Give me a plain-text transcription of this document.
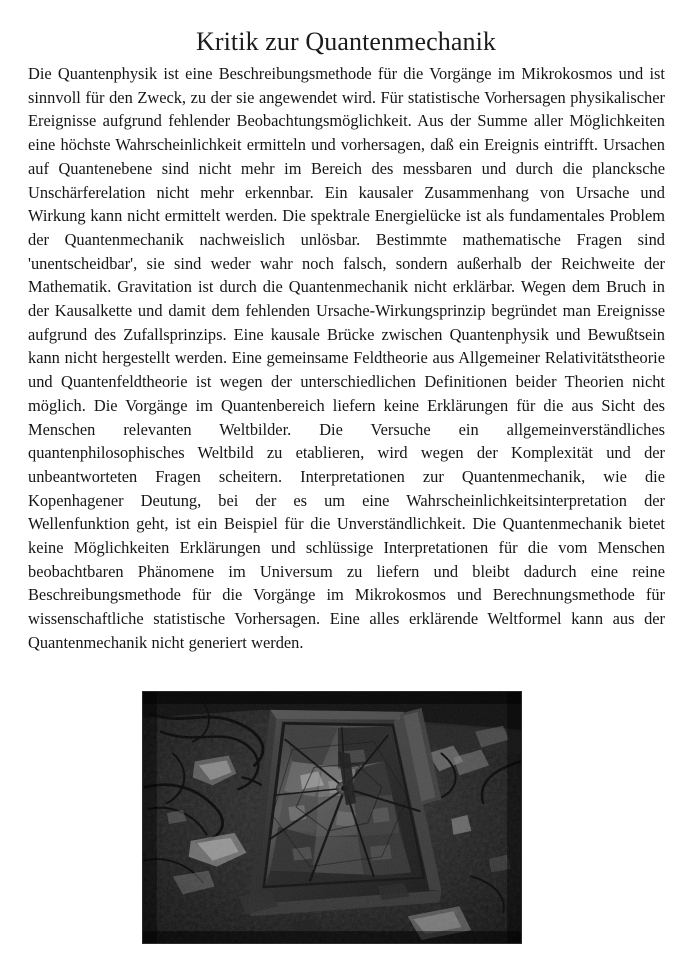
Kritik zur Quantenmechanik
Die Quantenphysik ist eine Beschreibungsmethode für die Vorgänge im Mikrokosmos und ist sinnvoll für den Zweck, zu der sie angewendet wird. Für statistische Vorhersagen physikalischer Ereignisse aufgrund fehlender Beobachtungsmöglichkeit. Aus der Summe aller Möglichkeiten eine höchste Wahrscheinlichkeit ermitteln und vorhersagen, daß ein Ereignis eintrifft. Ursachen auf Quantenebene sind nicht mehr im Bereich des messbaren und durch die plancksche Unschärferelation nicht mehr erkennbar. Ein kausaler Zusammenhang von Ursache und Wirkung kann nicht ermittelt werden. Die spektrale Energielücke ist als fundamentales Problem der Quantenmechanik nachweislich unlösbar. Bestimmte mathematische Fragen sind 'unentscheidbar', sie sind weder wahr noch falsch, sondern außerhalb der Reichweite der Mathematik. Gravitation ist durch die Quantenmechanik nicht erklärbar. Wegen dem Bruch in der Kausalkette und damit dem fehlenden Ursache-Wirkungsprinzip begründet man Ereignisse aufgrund des Zufallsprinzips. Eine kausale Brücke zwischen Quantenphysik und Bewußtsein kann nicht hergestellt werden. Eine gemeinsame Feldtheorie aus Allgemeiner Relativitätstheorie und Quantenfeldtheorie ist wegen der unterschiedlichen Definitionen beider Theorien nicht möglich. Die Vorgänge im Quantenbereich liefern keine Erklärungen für die aus Sicht des Menschen relevanten Weltbilder. Die Versuche ein allgemeinverständliches quantenphilosophisches Weltbild zu etablieren, wird wegen der Komplexität und der unbeantworteten Fragen scheitern. Interpretationen zur Quantenmechanik, wie die Kopenhagener Deutung, bei der es um eine Wahrscheinlichkeitsinterpretation der Wellenfunktion geht, ist ein Beispiel für die Unverständlichkeit. Die Quantenmechanik bietet keine Möglichkeiten Erklärungen und schlüssige Interpretationen für die vom Menschen beobachtbaren Phänomene im Universum zu liefern und bleibt dadurch eine reine Beschreibungsmethode für die Vorgänge im Mikrokosmos und Berechnungsmethode für wissenschaftliche statistische Vorhersagen. Eine alles erklärende Weltformel kann aus der Quantenmechanik nicht generiert werden.
